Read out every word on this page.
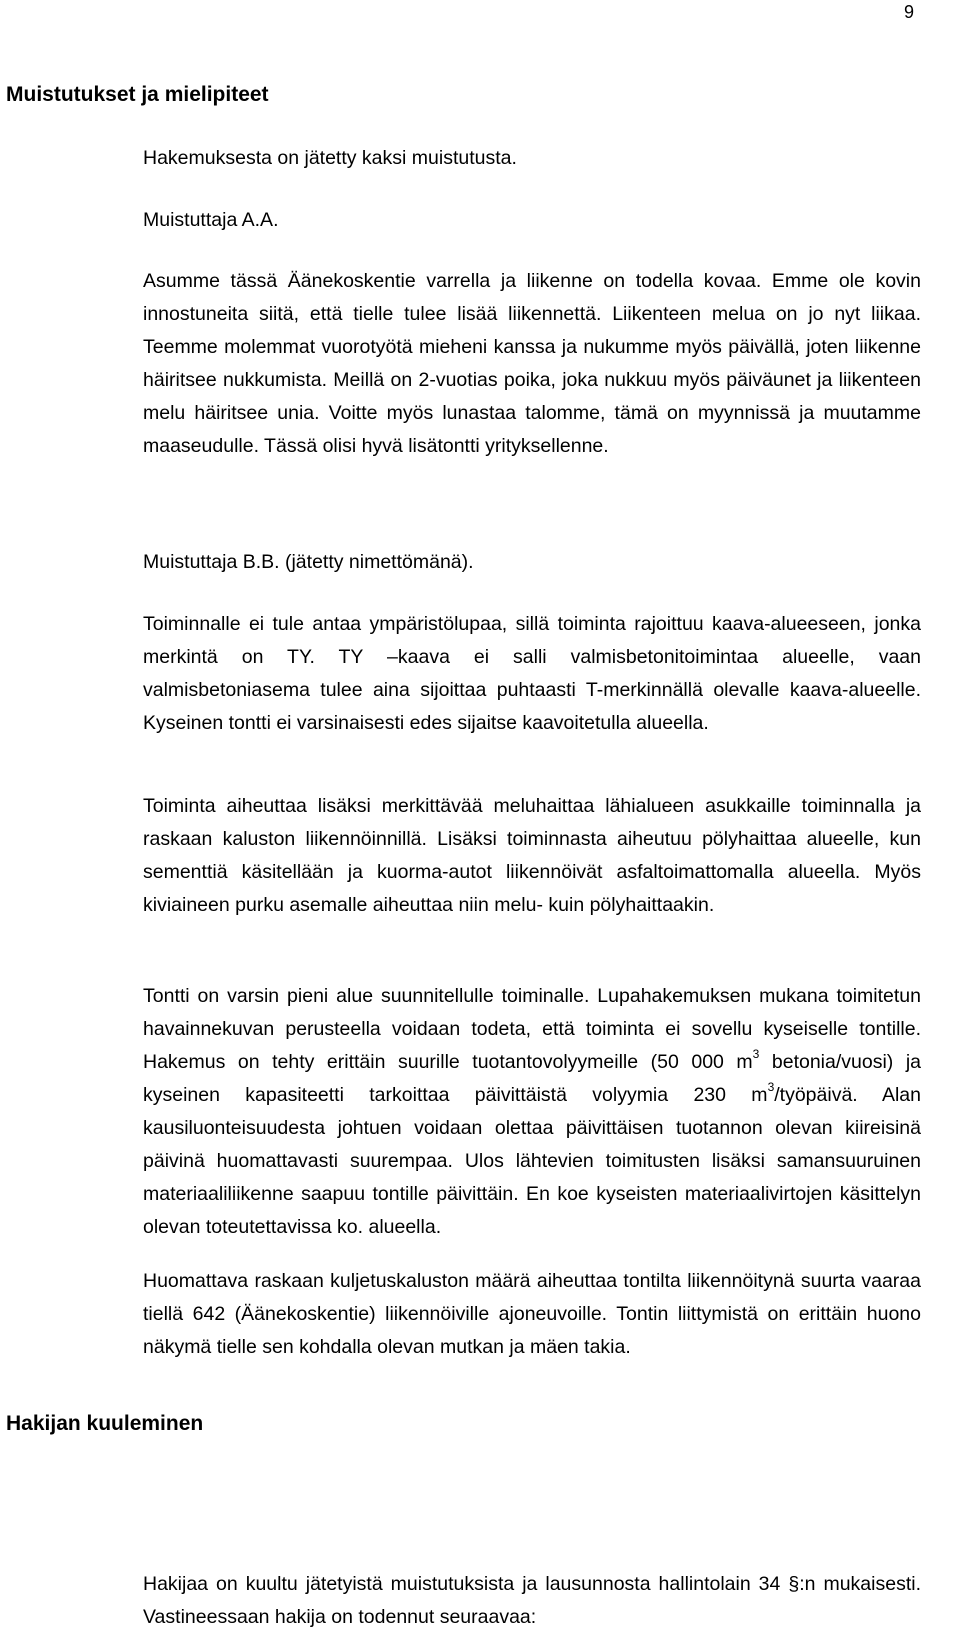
9
Muistutukset ja mielipiteet

Hakemuksesta on jätetty kaksi muistutusta.

Muistuttaja A.A.

Asumme tässä Äänekoskentie varrella ja liikenne on todella kovaa. Emme ole kovin innostuneita siitä, että tielle tulee lisää liikennettä. Liikenteen melua on jo nyt liikaa. Teemme molemmat vuorotyötä mieheni kanssa ja nukumme myös päivällä, joten liikenne häiritsee nukkumista. Meillä on 2-vuotias poika, joka nukkuu myös päiväunet ja liikenteen melu häiritsee unia. Voitte myös lunastaa talomme, tämä on myynnissä ja muutamme maaseudulle. Tässä olisi hyvä lisätontti yrityksellenne.

Muistuttaja B.B. (jätetty nimettömänä).

Toiminnalle ei tule antaa ympäristölupaa, sillä toiminta rajoittuu kaava-alueeseen, jonka merkintä on TY. TY –kaava ei salli valmisbetonitoimintaa alueelle, vaan valmisbetoniasema tulee aina sijoittaa puhtaasti T-merkinnällä olevalle kaava-alueelle. Kyseinen tontti ei varsinaisesti edes sijaitse kaavoitetulla alueella.

Toiminta aiheuttaa lisäksi merkittävää meluhaittaa lähialueen asukkaille toiminnalla ja raskaan kaluston liikennöinnillä. Lisäksi toiminnasta aiheutuu pölyhaittaa alueelle, kun sementtiä käsitellään ja kuorma-autot liikennöivät asfaltoimattomalla alueella. Myös kiviaineen purku asemalle aiheuttaa niin melu- kuin pölyhaittaakin.

Tontti on varsin pieni alue suunnitellulle toiminalle. Lupahakemuksen mukana toimitetun havainnekuvan perusteella voidaan todeta, että toiminta ei sovellu kyseiselle tontille. Hakemus on tehty erittäin suurille tuotantovolyymeille (50 000 $m^3$ betonia/vuosi) ja kyseinen kapasiteetti tarkoittaa päivittäistä volyymia 230 $m^3$/työpäivä. Alan kausiluonteisuudesta johtuen voidaan olettaa päivittäisen tuotannon olevan kiireisinä päivinä huomattavasti suurempaa. Ulos lähtevien toimitusten lisäksi samansuuruinen materiaaliliikenne saapuu tontille päivittäin. En koe kyseisten materiaalivirtojen käsittelyn olevan toteutettavissa ko. alueella.

Huomattava raskaan kuljetuskaluston määrä aiheuttaa tontilta liikennöitynä suurta vaaraa tiellä 642 (Äänekoskentie) liikennöiville ajoneuvoille. Tontin liittymistä on erittäin huono näkymä tielle sen kohdalla olevan mutkan ja mäen takia.

Hakijan kuuleminen

Hakijaa on kuultu jätetyistä muistutuksista ja lausunnosta hallintolain 34 §:n mukaisesti. Vastineessaan hakija on todennut seuraavaa:
